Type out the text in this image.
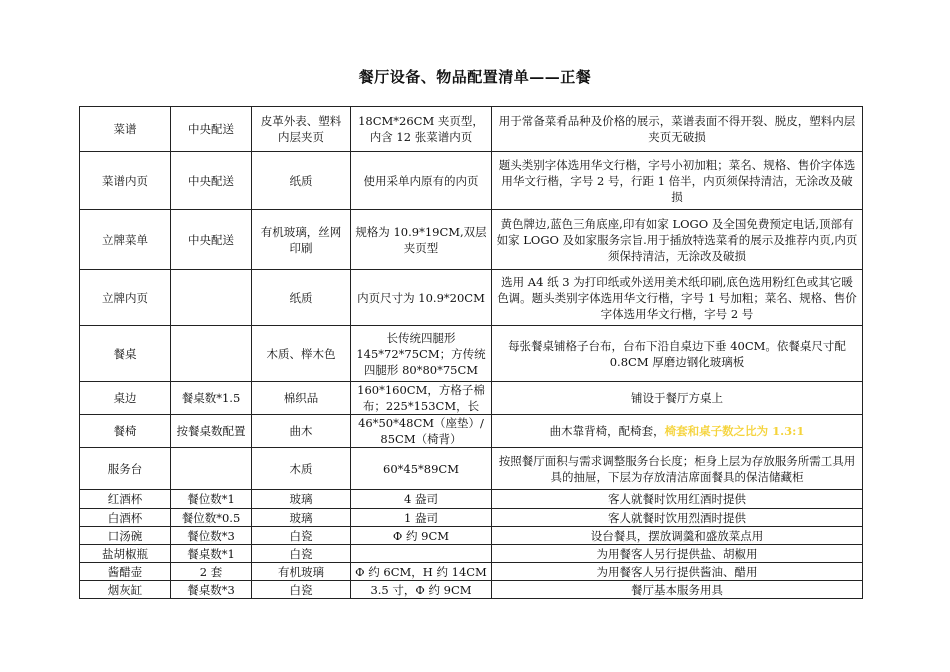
餐厅设备、物品配置清单——正餐
菜谱	中央配送	皮革外表、塑料内层夹页	18CM*26CM 夹页型，内含 12 张菜谱内页	用于常备菜肴品种及价格的展示，菜谱表面不得开裂、脱皮，塑料内层夹页无破损
菜谱内页	中央配送	纸质	使用采单内原有的内页	题头类别字体选用华文行楷，字号小初加粗；菜名、规格、售价字体选用华文行楷，字号 2 号，行距 1 倍半，内页须保持清洁，无涂改及破损
立牌菜单	中央配送	有机玻璃，丝网印刷	规格为 10.9*19CM,双层夹页型	黄色牌边,蓝色三角底座,印有如家 LOGO 及全国免费预定电话,顶部有如家 LOGO 及如家服务宗旨.用于插放特选菜肴的展示及推荐内页,内页须保持清洁，无涂改及破损
立牌内页		纸质	内页尺寸为 10.9*20CM	选用 A4 纸 3 为打印纸或外送用美术纸印刷,底色选用粉红色或其它暖色调。题头类别字体选用华文行楷，字号 1 号加粗；菜名、规格、售价字体选用华文行楷，字号 2 号
餐桌		木质、榉木色	长传统四腿形 145*72*75CM；方传统四腿形 80*80*75CM	每张餐桌铺格子台布，台布下沿自桌边下垂 40CM。依餐桌尺寸配 0.8CM 厚磨边钢化玻璃板
桌边	餐桌数*1.5	棉织品	160*160CM，方格子棉布；225*153CM，长	铺设于餐厅方桌上
餐椅	按餐桌数配置	曲木	46*50*48CM（座垫）/ 85CM（椅背）	曲木靠背椅，配椅套，椅套和桌子数之比为 1.3:1
服务台		木质	60*45*89CM	按照餐厅面积与需求调整服务台长度；柜身上层为存放服务所需工具用具的抽屉，下层为存放清洁席面餐具的保洁储藏柜
红酒杯	餐位数*1	玻璃	4 盎司	客人就餐时饮用红酒时提供
白酒杯	餐位数*0.5	玻璃	1 盎司	客人就餐时饮用烈酒时提供
口汤碗	餐位数*3	白瓷	Φ 约 9CM	设台餐具，摆放调羹和盛放菜点用
盐胡椒瓶	餐桌数*1	白瓷		为用餐客人另行提供盐、胡椒用
酱醋壶	2 套	有机玻璃	Φ 约 6CM，H 约 14CM	为用餐客人另行提供酱油、醋用
烟灰缸	餐桌数*3	白瓷	3.5 寸，Φ 约 9CM	餐厅基本服务用具
